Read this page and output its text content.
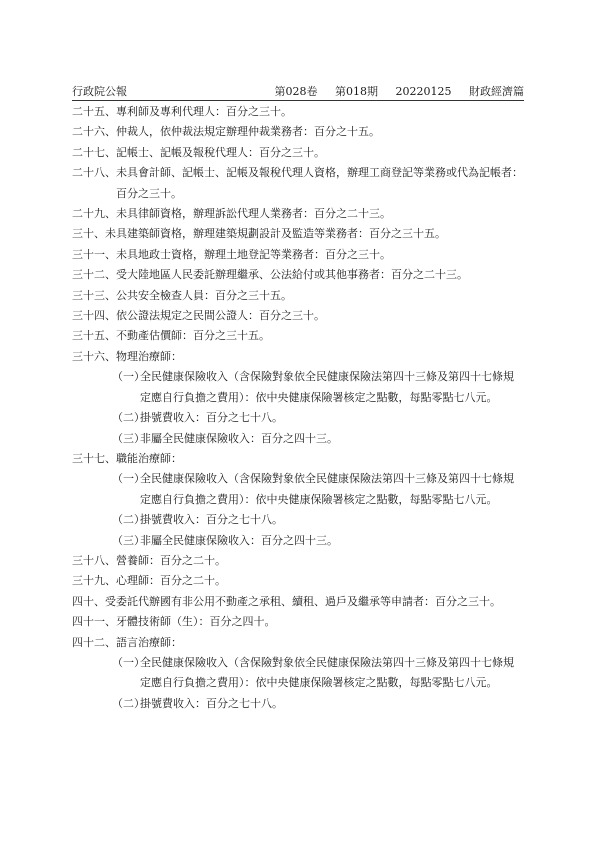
行政院公報	第028卷 第018期 20220125 財政經濟篇
二十五、專利師及專利代理人：百分之三十。
二十六、仲裁人，依仲裁法規定辦理仲裁業務者：百分之十五。
二十七、記帳士、記帳及報稅代理人：百分之三十。
二十八、 未具會計師、記帳士、記帳及報稅代理人資格，辦理工商登記等業務或代為記帳者：百分之三十。
二十九、未具律師資格，辦理訴訟代理人業務者：百分之二十三。
三十、未具建築師資格，辦理建築規劃設計及監造等業務者：百分之三十五。
三十一、未具地政士資格，辦理土地登記等業務者：百分之三十。
三十二、受大陸地區人民委託辦理繼承、公法給付或其他事務者：百分之二十三。
三十三、公共安全檢查人員：百分之三十五。
三十四、依公證法規定之民間公證人：百分之三十。
三十五、不動產估價師：百分之三十五。
三十六、物理治療師：
（一）
全民健康保險收入（含保險對象依全民健康保險法第四十三條及第四十七條規定應自行負擔之費用）：依中央健康保險署核定之點數，每點零點七八元。
（二）
掛號費收入：百分之七十八。
（三）
非屬全民健康保險收入：百分之四十三。
三十七、職能治療師：
（一）
全民健康保險收入（含保險對象依全民健康保險法第四十三條及第四十七條規定應自行負擔之費用）：依中央健康保險署核定之點數，每點零點七八元。
（二）
掛號費收入：百分之七十八。
（三）
非屬全民健康保險收入：百分之四十三。
三十八、營養師：百分之二十。
三十九、心理師：百分之二十。
四十、受委託代辦國有非公用不動產之承租、續租、過戶及繼承等申請者：百分之三十。
四十一、牙體技術師（生）：百分之四十。
四十二、語言治療師：
（一）
全民健康保險收入（含保險對象依全民健康保險法第四十三條及第四十七條規定應自行負擔之費用）：依中央健康保險署核定之點數，每點零點七八元。
（二）
掛號費收入：百分之七十八。
